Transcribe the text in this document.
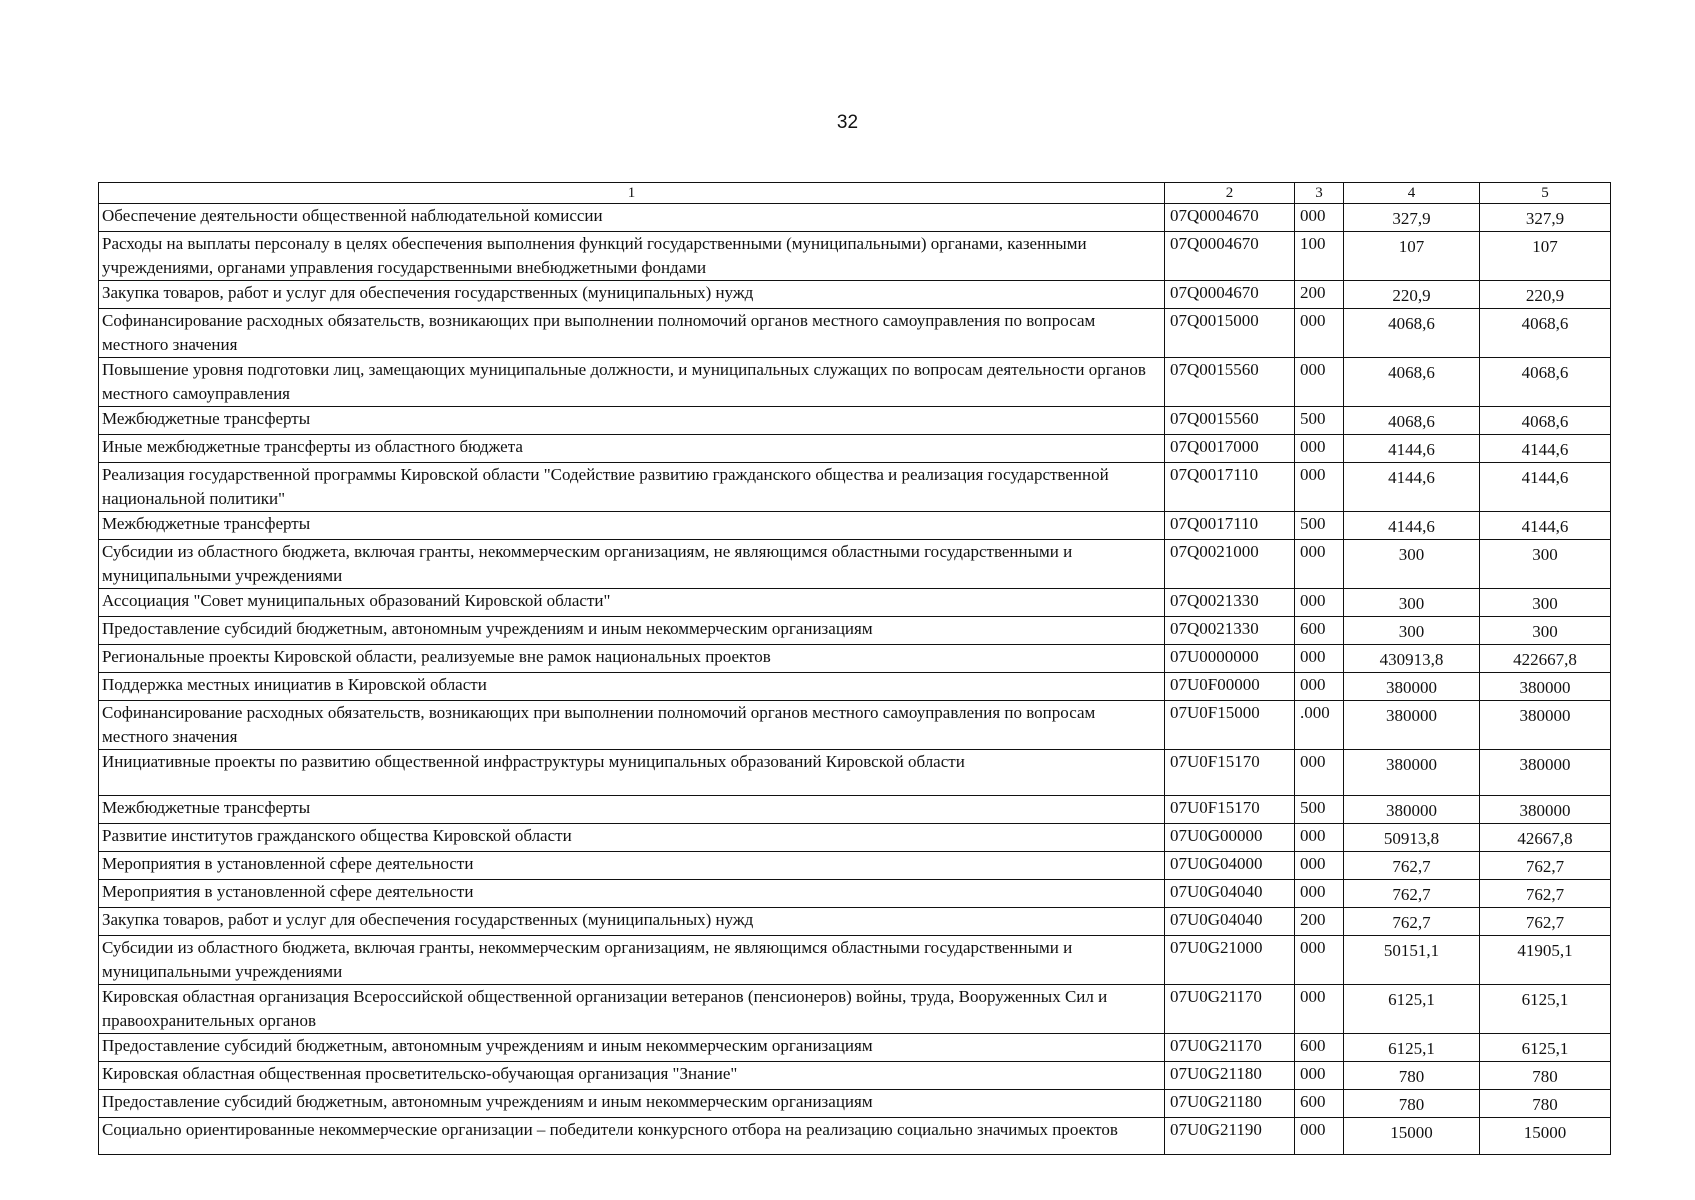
32
1	2	3	4	5
Обеспечение деятельности общественной наблюдательной комиссии	07Q0004670	000	327,9	327,9
Расходы на выплаты персоналу в целях обеспечения выполнения функций государственными (муниципальными) органами, казенными учреждениями, органами управления государственными внебюджетными фондами	07Q0004670	100	107	107
Закупка товаров, работ и услуг для обеспечения государственных (муниципальных) нужд	07Q0004670	200	220,9	220,9
Софинансирование расходных обязательств, возникающих при выполнении полномочий органов местного самоуправления по вопросам местного значения	07Q0015000	000	4068,6	4068,6
Повышение уровня подготовки лиц, замещающих муниципальные должности, и муниципальных служащих по вопросам деятельности органов местного самоуправления	07Q0015560	000	4068,6	4068,6
Межбюджетные трансферты	07Q0015560	500	4068,6	4068,6
Иные межбюджетные трансферты из областного бюджета	07Q0017000	000	4144,6	4144,6
Реализация государственной программы Кировской области "Содействие развитию гражданского общества и реализация государственной национальной политики"	07Q0017110	000	4144,6	4144,6
Межбюджетные трансферты	07Q0017110	500	4144,6	4144,6
Субсидии из областного бюджета, включая гранты, некоммерческим организациям, не являющимся областными государственными и муниципальными учреждениями	07Q0021000	000	300	300
Ассоциация "Совет муниципальных образований Кировской области"	07Q0021330	000	300	300
Предоставление субсидий бюджетным, автономным учреждениям и иным некоммерческим организациям	07Q0021330	600	300	300
Региональные проекты Кировской области, реализуемые вне рамок национальных проектов	07U0000000	000	430913,8	422667,8
Поддержка местных инициатив в Кировской области	07U0F00000	000	380000	380000
Софинансирование расходных обязательств, возникающих при выполнении полномочий органов местного самоуправления по вопросам местного значения	07U0F15000	.000	380000	380000
Инициативные проекты по развитию общественной инфраструктуры муниципальных образований Кировской области	07U0F15170	000	380000	380000
Межбюджетные трансферты	07U0F15170	500	380000	380000
Развитие институтов гражданского общества Кировской области	07U0G00000	000	50913,8	42667,8
Мероприятия в установленной сфере деятельности	07U0G04000	000	762,7	762,7
Мероприятия в установленной сфере деятельности	07U0G04040	000	762,7	762,7
Закупка товаров, работ и услуг для обеспечения государственных (муниципальных) нужд	07U0G04040	200	762,7	762,7
Субсидии из областного бюджета, включая гранты, некоммерческим организациям, не являющимся областными государственными и муниципальными учреждениями	07U0G21000	000	50151,1	41905,1
Кировская областная организация Всероссийской общественной организации ветеранов (пенсионеров) войны, труда, Вооруженных Сил и правоохранительных органов	07U0G21170	000	6125,1	6125,1
Предоставление субсидий бюджетным, автономным учреждениям и иным некоммерческим организациям	07U0G21170	600	6125,1	6125,1
Кировская областная общественная просветительско-обучающая организация "Знание"	07U0G21180	000	780	780
Предоставление субсидий бюджетным, автономным учреждениям и иным некоммерческим организациям	07U0G21180	600	780	780
Социально ориентированные некоммерческие организации – победители конкурсного отбора на реализацию социально значимых проектов	07U0G21190	000	15000	15000
